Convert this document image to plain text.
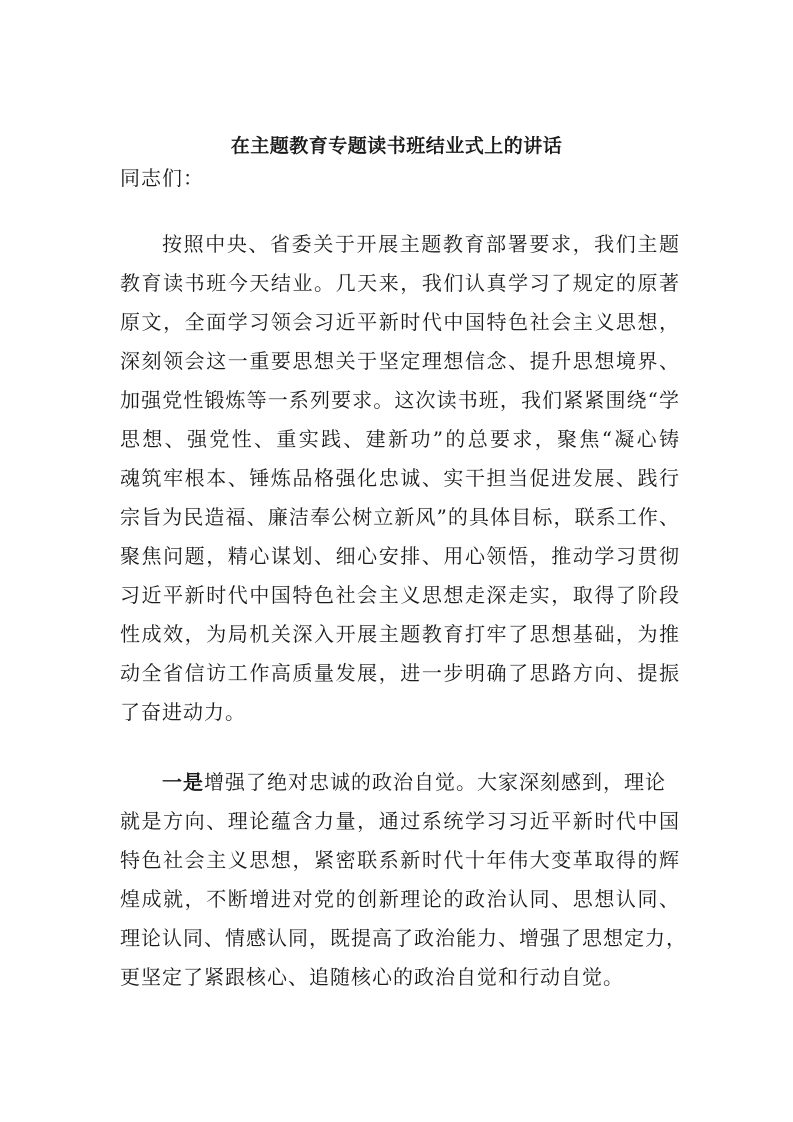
在主题教育专题读书班结业式上的讲话
同志们：
按照中央、省委关于开展主题教育部署要求，我们主题
教育读书班今天结业。几天来，我们认真学习了规定的原著
原文，全面学习领会习近平新时代中国特色社会主义思想，
深刻领会这一重要思想关于坚定理想信念、提升思想境界、
加强党性锻炼等一系列要求。这次读书班，我们紧紧围绕“学
思想、强党性、重实践、建新功”的总要求，聚焦“凝心铸
魂筑牢根本、锤炼品格强化忠诚、实干担当促进发展、践行
宗旨为民造福、廉洁奉公树立新风”的具体目标，联系工作、
聚焦问题，精心谋划、细心安排、用心领悟，推动学习贯彻
习近平新时代中国特色社会主义思想走深走实，取得了阶段
性成效，为局机关深入开展主题教育打牢了思想基础，为推
动全省信访工作高质量发展，进一步明确了思路方向、提振
了奋进动力。
一是增强了绝对忠诚的政治自觉。大家深刻感到，理论
就是方向、理论蕴含力量，通过系统学习习近平新时代中国
特色社会主义思想，紧密联系新时代十年伟大变革取得的辉
煌成就，不断增进对党的创新理论的政治认同、思想认同、
理论认同、情感认同，既提高了政治能力、增强了思想定力，
更坚定了紧跟核心、追随核心的政治自觉和行动自觉。
